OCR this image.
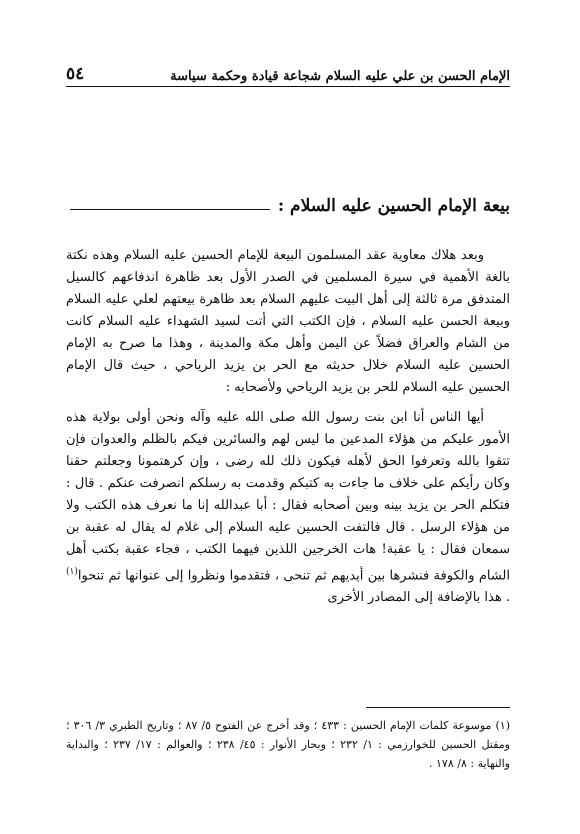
الإمام الحسن بن علي عليه السلام شجاعة قيادة وحكمة سياسة
٥٤
بيعة الإمام الحسين عليه السلام :

وبعد هلاك معاوية عقد المسلمون البيعة للإمام الحسين عليه السلام وهذه نكتة بالغة الأهمية في سيرة المسلمين في الصدر الأول بعد ظاهرة اندفاعهم كالسيل المتدفق مرة ثالثة إلى أهل البيت عليهم السلام بعد ظاهرة بيعتهم لعلي عليه السلام وبيعة الحسن عليه السلام ، فإن الكتب التي أتت لسيد الشهداء عليه السلام كانت من الشام والعراق فضلاً عن اليمن وأهل مكة والمدينة ، وهذا ما صرح به الإمام الحسين عليه السلام خلال حديثه مع الحر بن يزيد الرياحي ، حيث قال الإمام الحسين عليه السلام للحر بن يزيد الرياحي ولأصحابه :

أيها الناس أنا ابن بنت رسول الله صلى الله عليه وآله ونحن أولى بولاية هذه الأمور عليكم من هؤلاء المدعين ما ليس لهم والسائرين فيكم بالظلم والعدوان فإن تتقوا بالله وتعرفوا الحق لأهله فيكون ذلك لله رضى ، وإن كرهتمونا وجعلتم حقنا وكان رأيكم على خلاف ما جاءت به كتبكم وقدمت به رسلكم انصرفت عنكم . قال : فتكلم الحر بن يزيد بينه وبين أصحابه فقال : أبا عبدالله إنا ما نعرف هذه الكتب ولا من هؤلاء الرسل . قال فالتفت الحسين عليه السلام إلى غلام له يقال له عقبة بن سمعان فقال : يا عقبة! هات الخرجين اللذين فيهما الكتب ، فجاء عقبة بكتب أهل الشام والكوفة فنشرها بين أيديهم ثم تنحى ، فتقدموا ونظروا إلى عنوانها ثم تنحوا$^{(١)}$ . هذا بالإضافة إلى المصادر الأخرى

(١) موسوعة كلمات الإمام الحسين : ٤٣٣ ؛ وقد أخرج عن الفتوح ٥/ ٨٧ ؛ وتاريخ الطبري ٣/ ٣٠٦ ؛ ومقتل الحسين للخوارزمي : ١/ ٢٣٢ ؛ وبحار الأنوار : ٤٥/ ٢٣٨ ؛ والعوالم : ١٧/ ٢٣٧ ؛ والبداية والنهاية : ٨/ ١٧٨ .
